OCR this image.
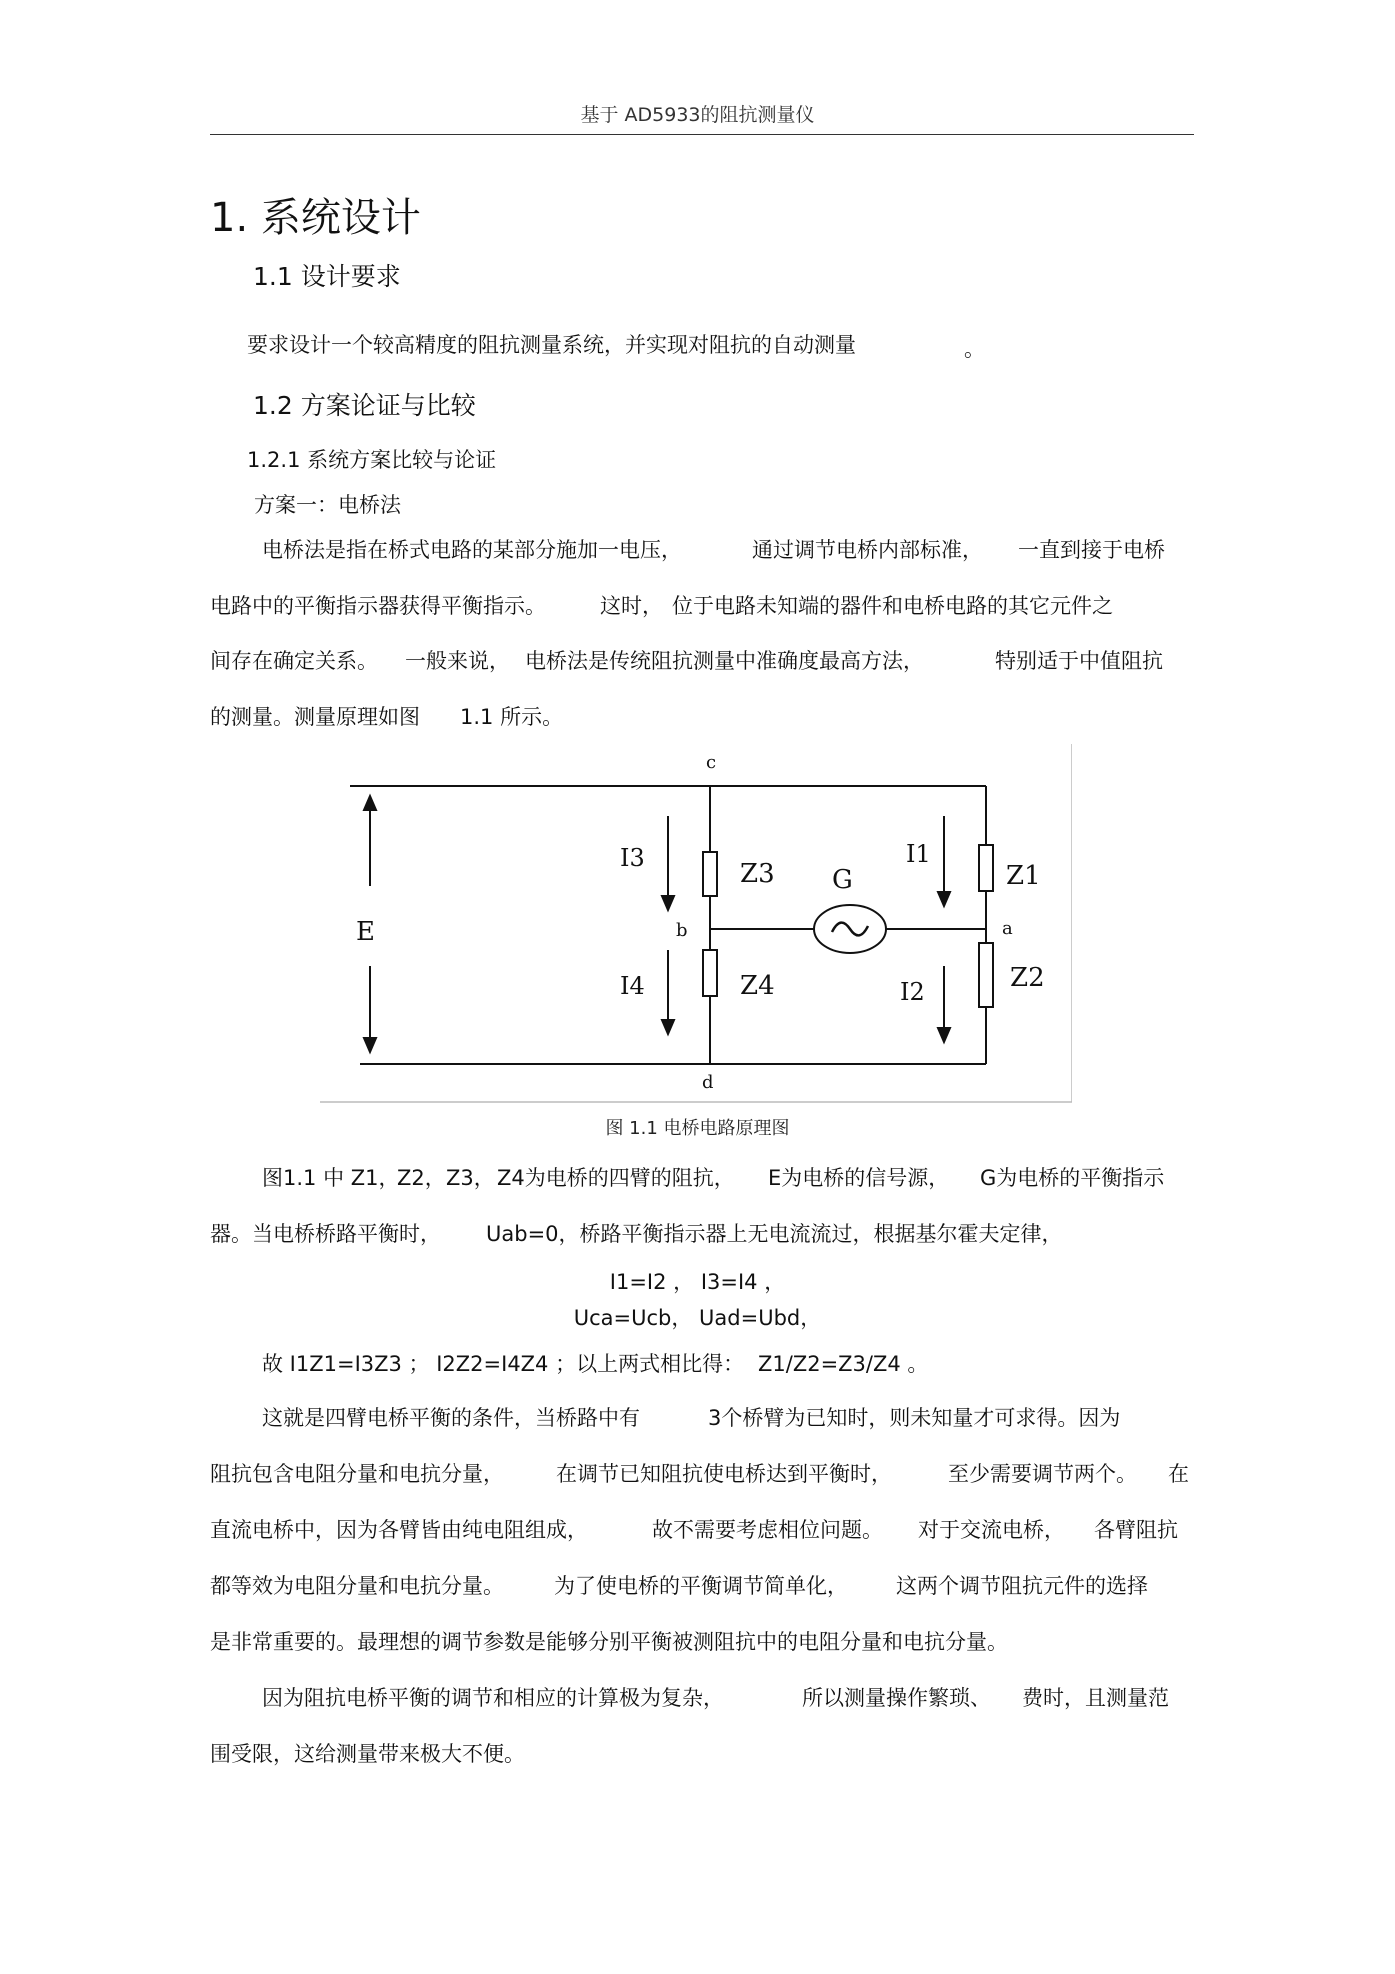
基于 AD5933的阻抗测量仪
1. 系统设计
1.1 设计要求
要求设计一个较高精度的阻抗测量系统，并实现对阻抗的自动测量	。
1.2 方案论证与比较
1.2.1 系统方案比较与论证
方案一：电桥法
电桥法是指在桥式电路的某部分施加一电压，	通过调节电桥内部标准， 一直到接于电桥
电路中的平衡指示器获得平衡指示。	这时， 位于电路未知端的器件和电桥电路的其它元件之
间存在确定关系。 一般来说， 电桥法是传统阻抗测量中准确度最高方法，	特别适于中值阻抗
的测量。测量原理如图 1.1 所示。
c
b	a
d
E
I3
I4
I1
I2
Z3
Z4
Z1
Z2
G
图 1.1 电桥电路原理图
图1.1 中 Z1，
Z2， Z3， Z4为电桥的四臂的阻抗， E为电桥的信号源， G为电桥的平衡指示
器。当电桥桥路平衡时， Uab=0，桥路平衡指示器上无电流流过，根据基尔霍夫定律，
I1=I2 ， I3=I4 ，
Uca=Ucb， Uad=Ubd，
故 I1Z1=I3Z3 ； I2Z2=I4Z4 ；以上两式相比得： Z1/Z2=Z3/Z4 。
这就是四臂电桥平衡的条件，当桥路中有	3个桥臂为已知时，则未知量才可求得。因为
阻抗包含电阻分量和电抗分量， 在调节已知阻抗使电桥达到平衡时，	至少需要调节两个。 在
直流电桥中，因为各臂皆由纯电阻组成，	故不需要考虑相位问题。 对于交流电桥， 各臂阻抗
都等效为电阻分量和电抗分量。 为了使电桥的平衡调节简单化， 这两个调节阻抗元件的选择
是非常重要的。最理想的调节参数是能够分别平衡被测阻抗中的电阻分量和电抗分量。
因为阻抗电桥平衡的调节和相应的计算极为复杂，	所以测量操作繁琐、 费时，且测量范
围受限，这给测量带来极大不便。
